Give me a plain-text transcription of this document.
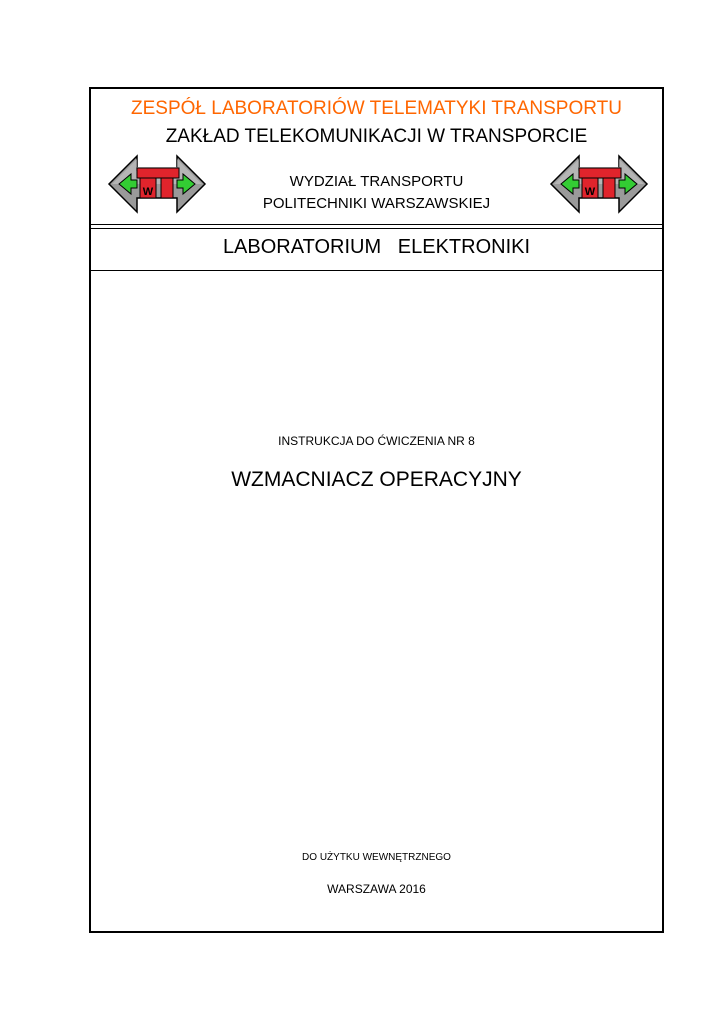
ZESPÓŁ LABORATORIÓW TELEMATYKI TRANSPORTU
ZAKŁAD TELEKOMUNIKACJI W TRANSPORCIE
W	W
WYDZIAŁ TRANSPORTU
POLITECHNIKI WARSZAWSKIEJ
LABORATORIUM   ELEKTRONIKI
INSTRUKCJA DO ĆWICZENIA NR 8
WZMACNIACZ OPERACYJNY
DO UŻYTKU WEWNĘTRZNEGO
WARSZAWA 2016
